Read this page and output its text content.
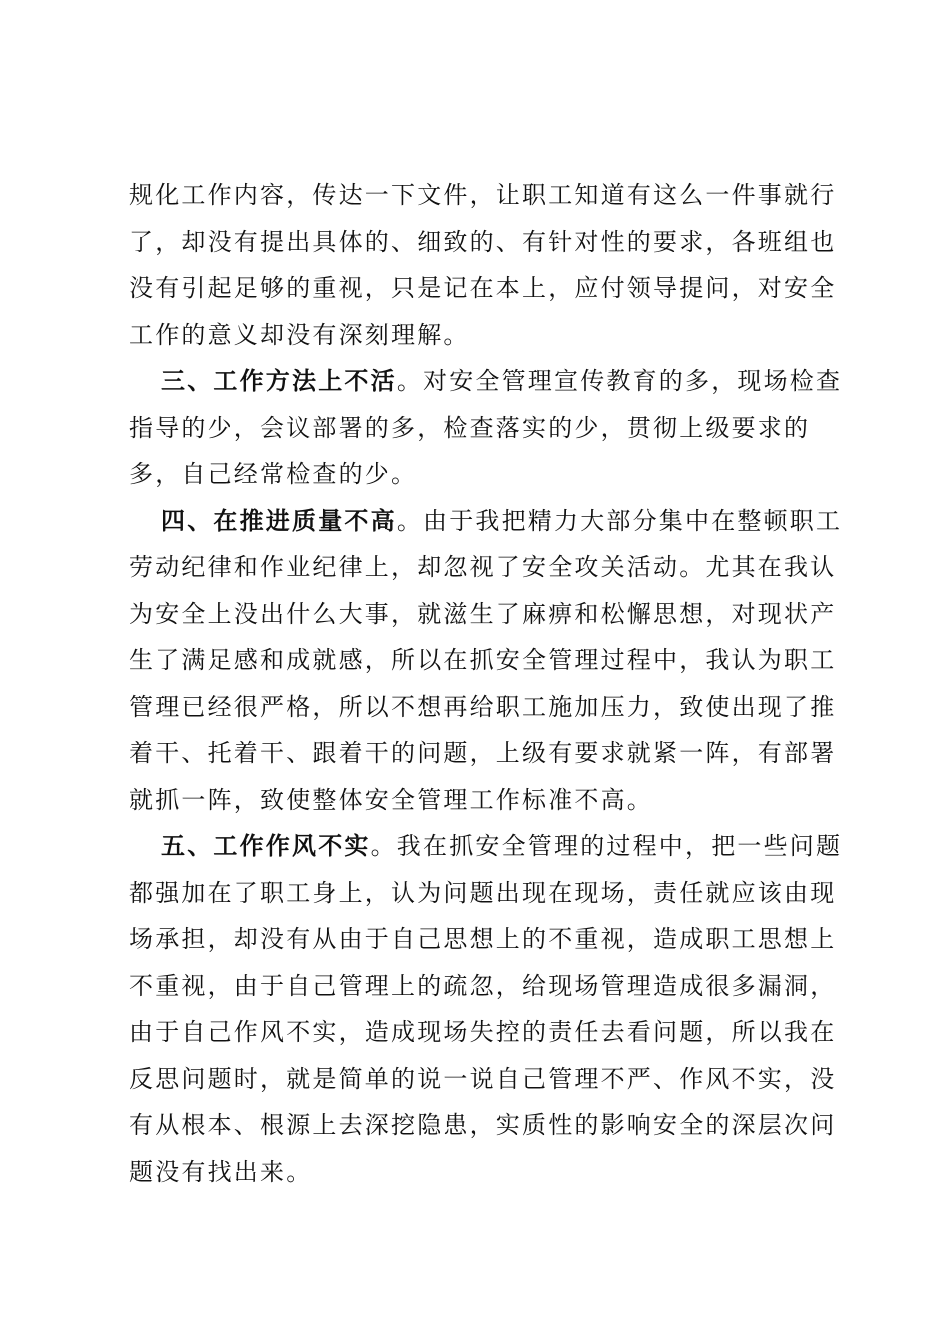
规化工作内容，传达一下文件，让职工知道有这么一件事就行
了，却没有提出具体的、细致的、有针对性的要求，各班组也
没有引起足够的重视，只是记在本上，应付领导提问，对安全
工作的意义却没有深刻理解。
三、工作方法上不活。对安全管理宣传教育的多，现场检查
指导的少，会议部署的多，检查落实的少，贯彻上级要求的
多，自己经常检查的少。
四、在推进质量不高。由于我把精力大部分集中在整顿职工
劳动纪律和作业纪律上，却忽视了安全攻关活动。尤其在我认
为安全上没出什么大事，就滋生了麻痹和松懈思想，对现状产
生了满足感和成就感，所以在抓安全管理过程中，我认为职工
管理已经很严格，所以不想再给职工施加压力，致使出现了推
着干、托着干、跟着干的问题，上级有要求就紧一阵，有部署
就抓一阵，致使整体安全管理工作标准不高。
五、工作作风不实。我在抓安全管理的过程中，把一些问题
都强加在了职工身上，认为问题出现在现场，责任就应该由现
场承担，却没有从由于自己思想上的不重视，造成职工思想上
不重视，由于自己管理上的疏忽，给现场管理造成很多漏洞，
由于自己作风不实，造成现场失控的责任去看问题，所以我在
反思问题时，就是简单的说一说自己管理不严、作风不实，没
有从根本、根源上去深挖隐患，实质性的影响安全的深层次问
题没有找出来。
